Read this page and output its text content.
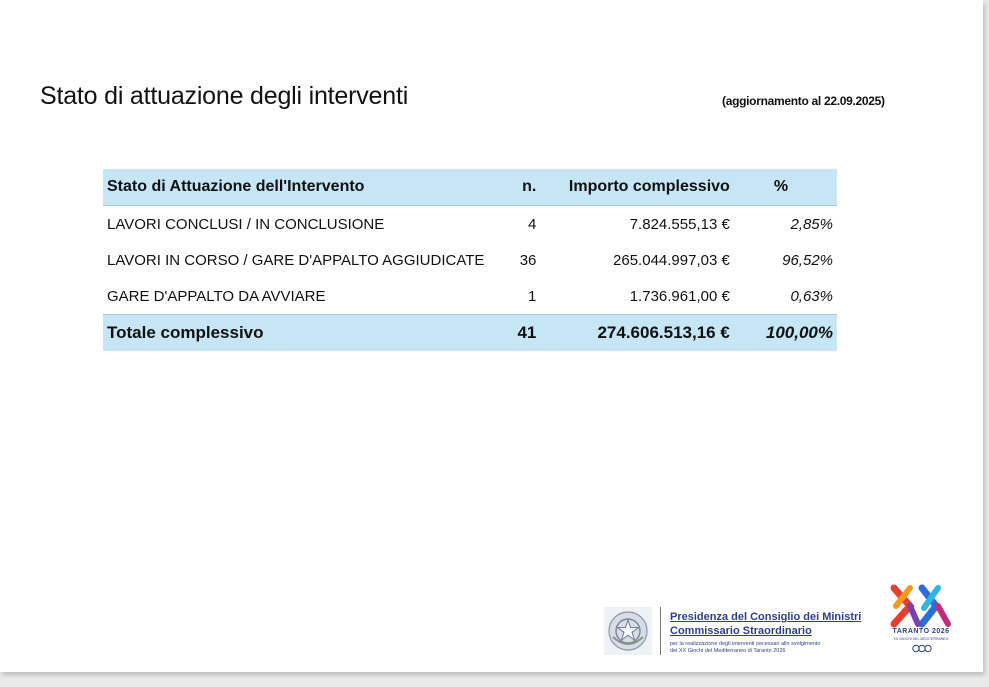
Stato di attuazione degli interventi	(aggiornamento al 22.09.2025)
Stato di Attuazione dell'Intervento	n.	Importo complessivo	%
LAVORI CONCLUSI / IN CONCLUSIONE	4	7.824.555,13 €	2,85%
LAVORI IN CORSO / GARE D'APPALTO AGGIUDICATE	36	265.044.997,03 €	96,52%
GARE D'APPALTO DA AVVIARE	1	1.736.961,00 €	0,63%
Totale complessivo	41	274.606.513,16 €	100,00%
Presidenza del Consiglio dei Ministri
Commissario Straordinario
per la realizzazione degli interventi necessari allo svolgimento
dei XX Giochi del Mediterraneo di Taranto 2026
TARANTO 2026
XX GIOCHI DEL MEDITERRANEO
